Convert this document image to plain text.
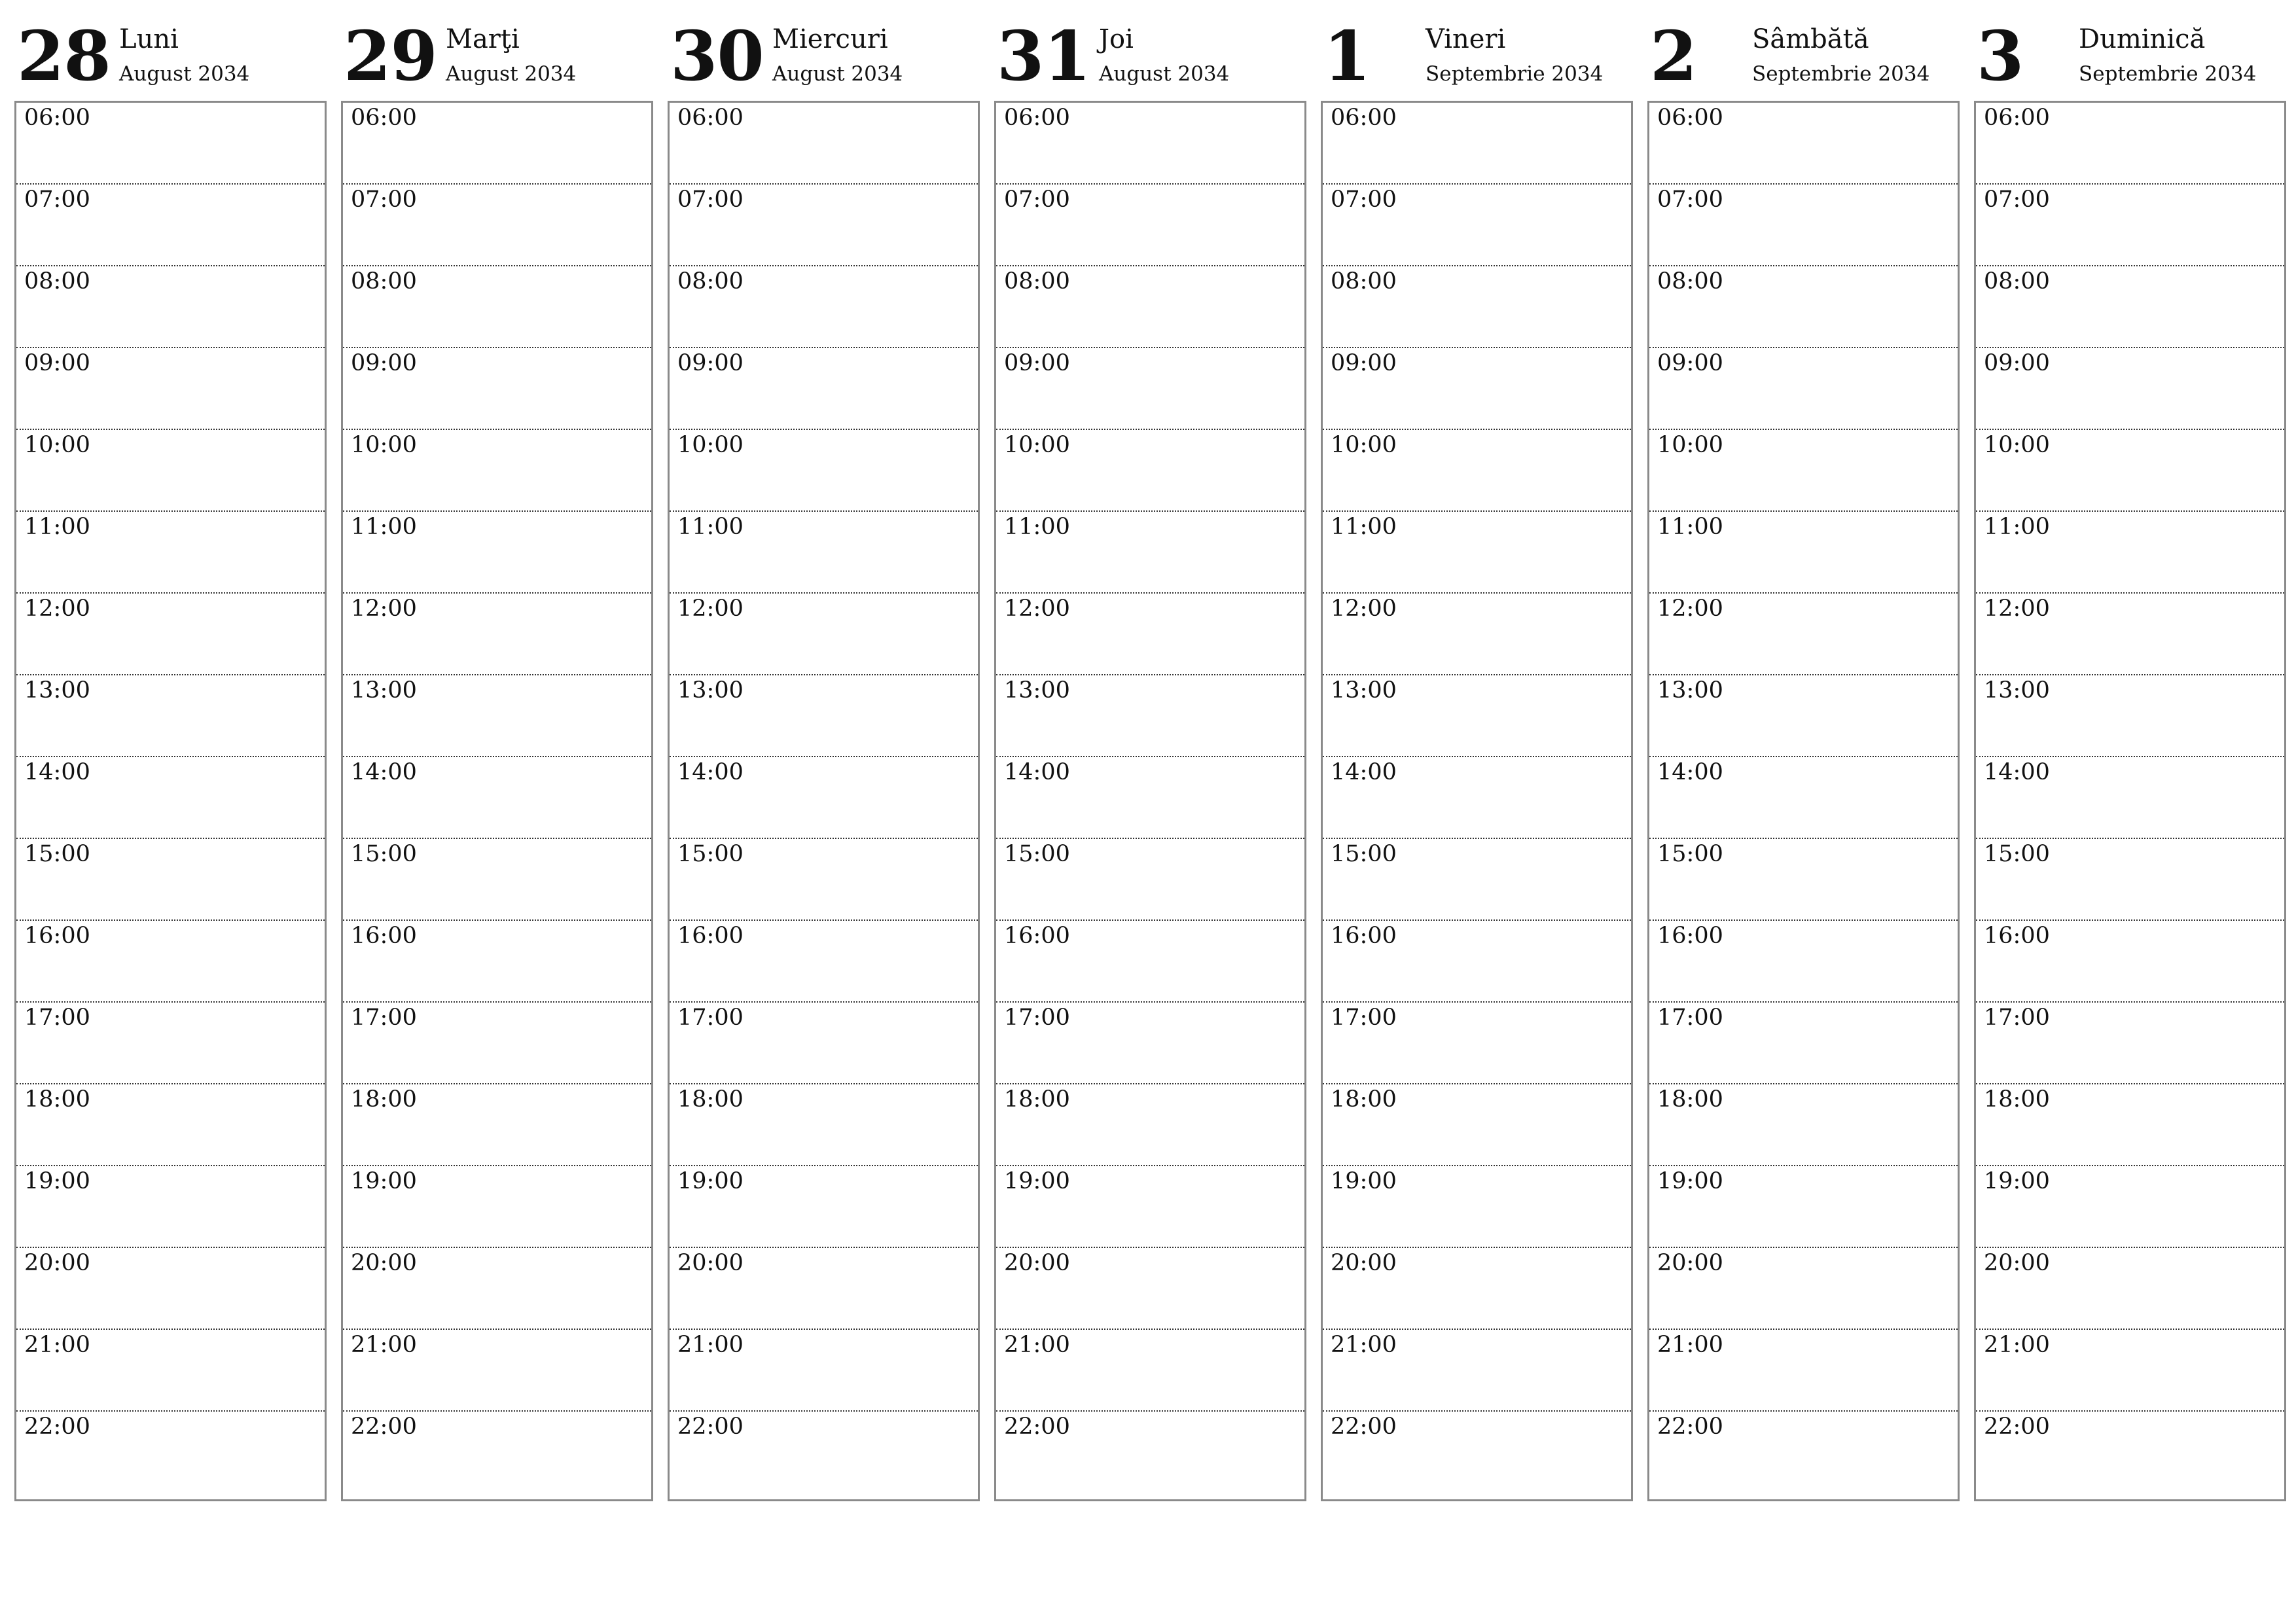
28 Luni
August 2034
06:00
07:00
08:00
09:00
10:00
11:00
12:00
13:00
14:00
15:00
16:00
17:00
18:00
19:00
20:00
21:00
22:00
29 Marţi
August 2034
06:00
07:00
08:00
09:00
10:00
11:00
12:00
13:00
14:00
15:00
16:00
17:00
18:00
19:00
20:00
21:00
22:00
30 Miercuri
August 2034
06:00
07:00
08:00
09:00
10:00
11:00
12:00
13:00
14:00
15:00
16:00
17:00
18:00
19:00
20:00
21:00
22:00
31 Joi
August 2034
06:00
07:00
08:00
09:00
10:00
11:00
12:00
13:00
14:00
15:00
16:00
17:00
18:00
19:00
20:00
21:00
22:00
1 Vineri
Septembrie 2034
06:00
07:00
08:00
09:00
10:00
11:00
12:00
13:00
14:00
15:00
16:00
17:00
18:00
19:00
20:00
21:00
22:00
2 Sâmbătă
Septembrie 2034
06:00
07:00
08:00
09:00
10:00
11:00
12:00
13:00
14:00
15:00
16:00
17:00
18:00
19:00
20:00
21:00
22:00
3 Duminică
Septembrie 2034
06:00
07:00
08:00
09:00
10:00
11:00
12:00
13:00
14:00
15:00
16:00
17:00
18:00
19:00
20:00
21:00
22:00
